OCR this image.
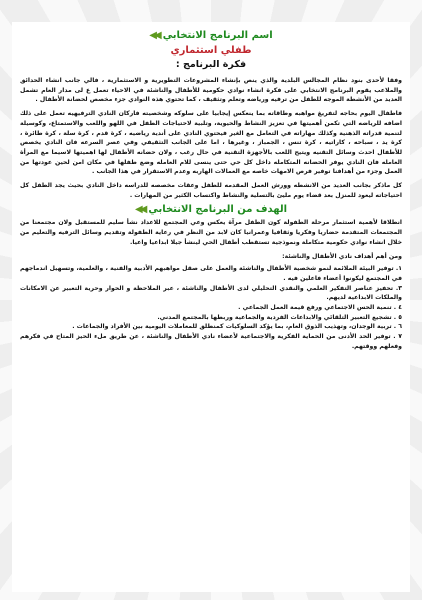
اسم البرنامج الانتخابي
◀◀
طفلي استثماري
فكرة البرنامج :

وفقا لأحدى بنود نظام المجالس البلدية والذي ينص بإنشاء المشروعات التطويرية و الاستثمارية ، فالي جانب انشاء الحدائق والملاعب يقوم البرنامج الانتخابي على فكرة انشاء نوادي حكومية للأطفال والناشئة في الاحياء تعمل ع لى مدار العام تشمل العديد من الأنشطة الموجه للطفل من ترفيه ورياضه وتعلم وتثقيف ، كما تحتوي هذه النوادي جزء مخصص لحضانة الأطفال .

فاطفال اليوم بحاجه لتفريغ مواهبه وطاقاته بما ينعكس إيجابيا على سلوكه وشخصيته فاركان النادي الترفيهيه تعمل على ذلك اضافه للرياضه التي تكمن أهميتها في تعزيز النشاط والحيوية، وتلبية لاحتياجات الطفل في اللهو واللعب والاستمتاع، وكوسيلة لتنمية قدراته الذهنية وكذلك مهاراته في التعامل مع الغير فيحتوي النادي على أندية رياضيه ، كرة قدم ، كرة سلة ، كرة طائرة ، كرة يد ، سباحه ، كاراتيه ، كرة تنس ، الجمباز ، وغيرها ، اما على الجانب التثقيفي وفي عصر السرعه فان النادي يخصص للأطفال احدث وسائل التقنيه ويتيح اللعب بالأجهزة التقنية في حال رغب ، ولان حضانه الأطفال لها اهميتها لاسيما مع المرأة العامله فان النادي يوفر الحضانه المتكامله داخل كل حي حتى ينسى للام العامله وضع طفلها في مكان امن لحين عودتها من العمل وجزء من أهدافنا توفير فرص الامهات خاصه مع العمالات الهاربه وعدم الاستقرار في هذا الجانب .

كل ماذكر بجانب العديد من الانشطه وورش العمل المقدمه للطفل وعقات مخصصه للدراسه داخل النادي بحيث يجد الطفل كل احتياجاته ليعود للمنزل بعد قضاء يوم مليئ بالتسلية والنشاط واكتساب الكثير من المهارات .

الهدف من البرنامج الانتخابي
◀◀

انطلاقا لأهمية استثمار مرحلة الطفولة كون الطفل مرآة يعكس وعي المجتمع للاعداد نشأ سليم للمستقبل ولان مجتمعنا من المجتمعات المتقدمة حضاريا وفكريا وثقافيا وعمرانيا كان لابد من النظر في رعاية الطفولة وتقديم وسائل الترفيه والتعليم من خلال انشاء نوادي حكومية متكاملة ونموذجية تستقطب أطفال الحي لينشأ جيلا ابداعيا واعيا.

ومن أهم أهداف نادي الأطفال والناشئة:

١. توفير البيئة الملائمة لنمو شخصية الأطفال والناشئة والعمل على صقل مواهبهم الأدبية والفنية ، والعلمية، وتسهيل اندماجهم في المجتمع ليكونوا أعضاء فاعلين فيه .
٣. تحفيز عناصر التفكير العلمي والنقدي التحليلي لدى الأطفال والناشئة ، عبر الملاحظة و الحوار وحرية التعبير عن الامكانات والملكات الابداعية لديهم.
٤ . تنمية الحس الاجتماعي ورفع قيمة العمل الجماعي .
٥ . تشجيع التعبير التلقائي والابداعات الفردية والجماعية وربطها بالمجتمع المدني.
٦ . تربية الوجدان، وتهذيب الذوق العام، بما يؤكد السلوكيات كمنطلق للمعاملات اليومية بين الأفراد والجماعات .
٧ . توفير الحد الأدنى من الحماية الفكرية والاجتماعية لأعضاء نادي الأطفال والناشئة ، عن طريق ملء الحيز المتاح في فكرهم وفعلهم ووقتهم.
